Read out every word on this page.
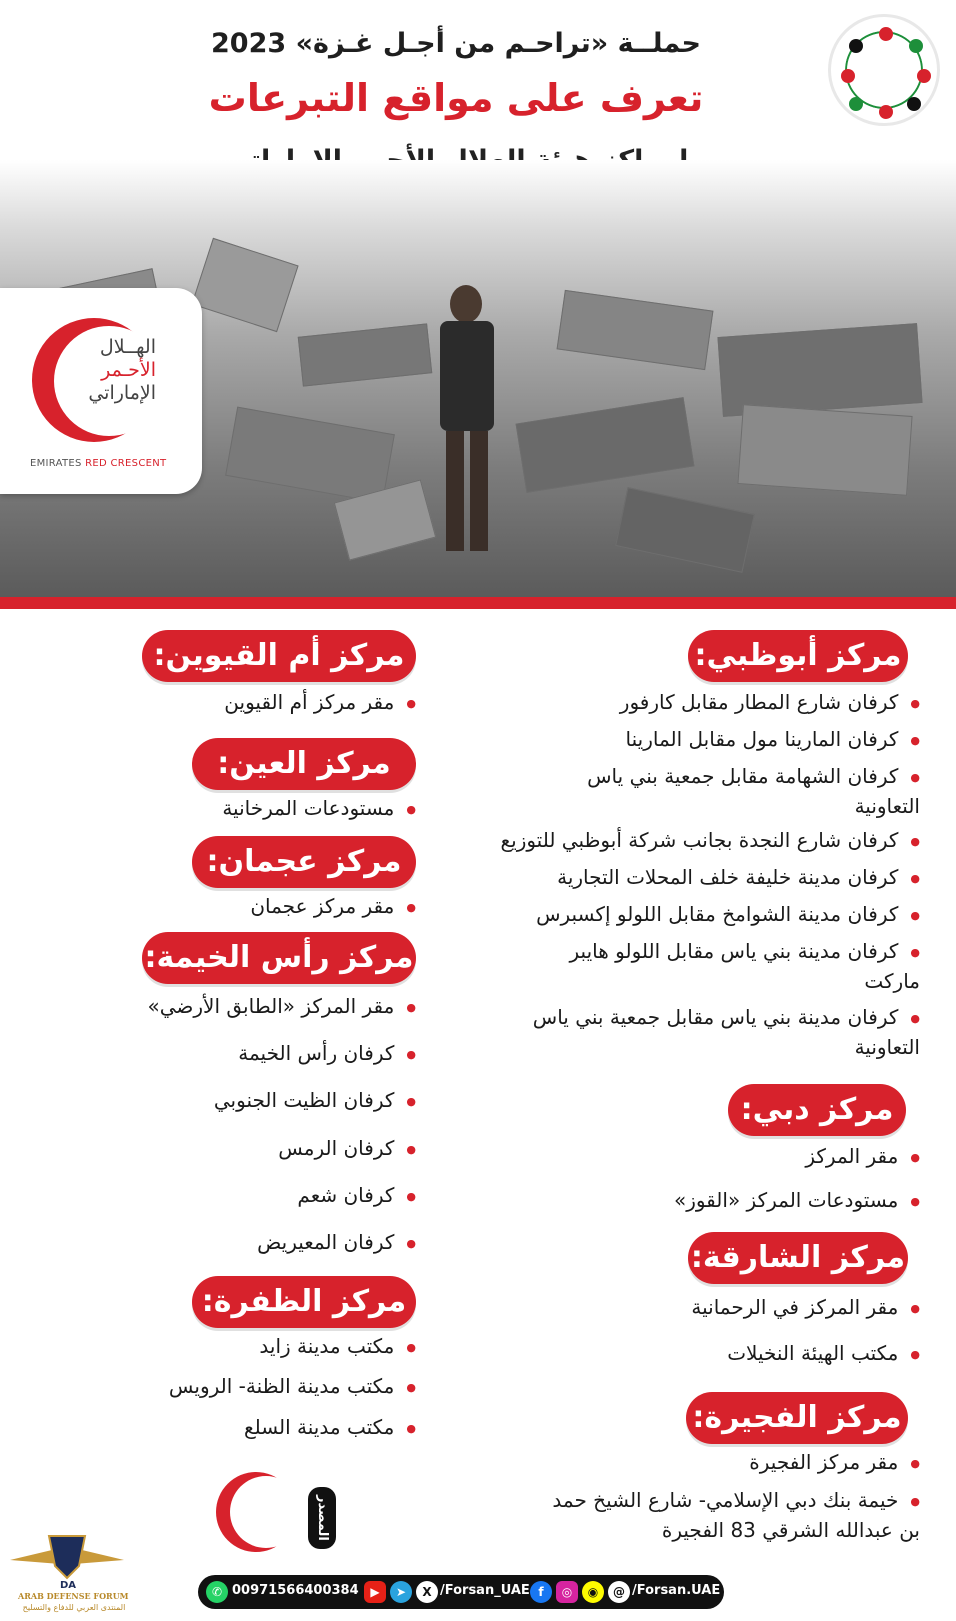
حملــة «تراحـم من أجـل غـزة» 2023
تعرف على مواقع التبرعات
الهــلال
الأحـمر
الإماراتي
EMIRATES RED CRESCENT
مركز أبوظبي:
● كرفان شارع المطار مقابل كارفور
● كرفان المارينا مول مقابل المارينا
● كرفان الشهامة مقابل جمعية بني ياس التعاونية
● كرفان شارع النجدة بجانب شركة أبوظبي للتوزيع
● كرفان مدينة خليفة خلف المحلات التجارية
● كرفان مدينة الشوامخ مقابل اللولو إكسبرس
● كرفان مدينة بني ياس مقابل اللولو هايبر ماركت
● كرفان مدينة بني ياس مقابل جمعية بني ياس التعاونية
مركز دبي:
● مقر المركز
● مستودعات المركز «القوز»
مركز الشارقة:
● مقر المركز في الرحمانية
● مكتب الهيئة النخيلات
مركز الفجيرة:
● مقر مركز الفجيرة
● خيمة بنك دبي الإسلامي- شارع الشيخ حمد بن عبدالله الشرقي 83 الفجيرة
مركز أم القيوين:
● مقر مركز أم القيوين
مركز العين:
● مستودعات المرخانية
مركز عجمان:
● مقر مركز عجمان
مركز رأس الخيمة:
● مقر المركز «الطابق الأرضي»
● كرفان رأس الخيمة
● كرفان الظيت الجنوبي
● كرفان الرمس
● كرفان شعم
● كرفان المعيريض
مركز الظفرة:
● مكتب مدينة زايد
● مكتب مدينة الظنة- الرويس
● مكتب مدينة السلع
المصدر
✆ 00971566400384 ▶	➤	X /Forsan_UAE f	◎	◉	@ /Forsan.UAE
DA
ARAB DEFENSE FORUM
المنتدى العربي للدفاع والتسليح
